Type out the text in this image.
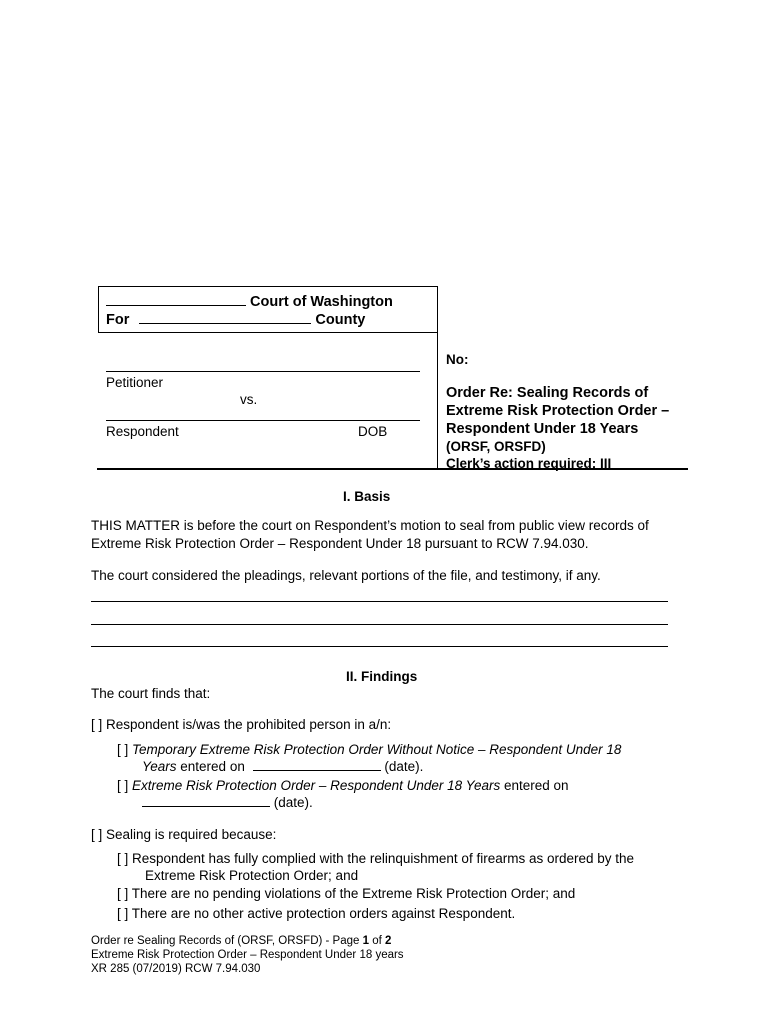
Court of Washington
For	County
Petitioner
vs.
Respondent	DOB
No:
Order Re: Sealing Records of
Extreme Risk Protection Order –
Respondent Under 18 Years
(ORSF, ORSFD)
Clerk’s action required: III
I. Basis
THIS MATTER is before the court on Respondent’s motion to seal from public view records of
Extreme Risk Protection Order – Respondent Under 18 pursuant to RCW 7.94.030.
The court considered the pleadings, relevant portions of the file, and testimony, if any.
II. Findings
The court finds that:
[ ] Respondent is/was the prohibited person in a/n:
[ ] Temporary Extreme Risk Protection Order Without Notice – Respondent Under 18
Years entered on	(date).
[ ] Extreme Risk Protection Order – Respondent Under 18 Years entered on
(date).
[ ] Sealing is required because:
[ ] Respondent has fully complied with the relinquishment of firearms as ordered by the
Extreme Risk Protection Order; and
[ ] There are no pending violations of the Extreme Risk Protection Order; and
[ ] There are no other active protection orders against Respondent.
Order re Sealing Records of (ORSF, ORSFD) - Page 1 of 2
Extreme Risk Protection Order – Respondent Under 18 years
XR 285 (07/2019) RCW 7.94.030
